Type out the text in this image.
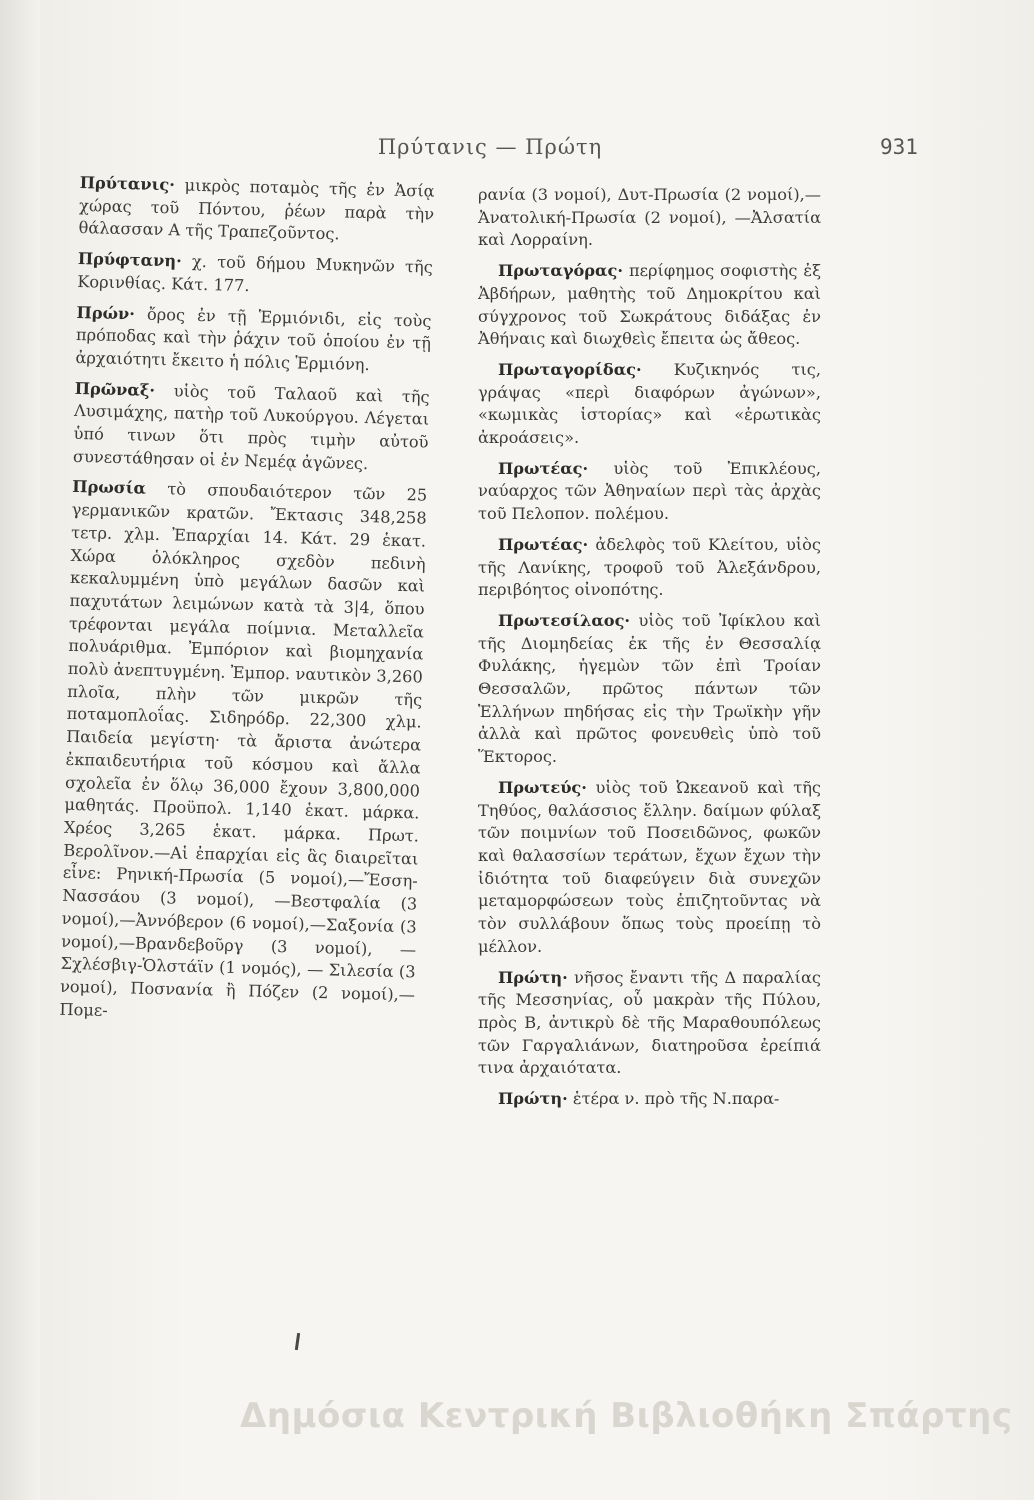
Πρύτανις — Πρώτη	931

Πρύτανις· μικρὸς ποταμὸς τῆς ἐν Ἀσίᾳ χώρας τοῦ Πόντου, ῥέων παρὰ τὴν θάλασσαν Α τῆς Τραπεζοῦντος.

Πρύφτανη· χ. τοῦ δήμου Μυκηνῶν τῆς Κορινθίας. Κάτ. 177.

Πρών· ὄρος ἐν τῇ Ἑρμιόνιδι, εἰς τοὺς πρόποδας καὶ τὴν ῥάχιν τοῦ ὁποίου ἐν τῇ ἀρχαιότητι ἔκειτο ἡ πόλις Ἑρμιόνη.

Πρῶναξ· υἱὸς τοῦ Ταλαοῦ καὶ τῆς Λυσιμάχης, πατὴρ τοῦ Λυκούργου. Λέγεται ὑπό τινων ὅτι πρὸς τιμὴν αὐτοῦ συνεστάθησαν οἱ ἐν Νεμέᾳ ἀγῶνες.

Πρωσία τὸ σπουδαιότερον τῶν 25 γερμανικῶν κρατῶν. Ἔκτασις 348,258 τετρ. χλμ. Ἐπαρχίαι 14. Κάτ. 29 ἑκατ. Χώρα ὁλόκληρος σχεδὸν πεδινὴ κεκαλυμμένη ὑπὸ μεγάλων δασῶν καὶ παχυτάτων λειμώνων κατὰ τὰ 3|4, ὅπου τρέφονται μεγάλα ποίμνια. Μεταλλεῖα πολυάριθμα. Ἐμπόριον καὶ βιομηχανία πολὺ ἀνεπτυγμένη. Ἐμπορ. ναυτικὸν 3,260 πλοῖα, πλὴν τῶν μικρῶν τῆς ποταμοπλοΐας. Σιδηρόδρ. 22,300 χλμ. Παιδεία μεγίστη· τὰ ἄριστα ἀνώτερα ἐκπαιδευτήρια τοῦ κόσμου καὶ ἄλλα σχολεῖα ἐν ὅλῳ 36,000 ἔχουν 3,800,000 μαθητάς. Προϋπολ. 1,140 ἑκατ. μάρκα. Χρέος 3,265 ἑκατ. μάρκα. Πρωτ. Βερολῖνον.—Αἱ ἐπαρχίαι εἰς ἃς διαιρεῖται εἶνε: Ρηνική-Πρωσία (5 νομοί),—Ἔσση-Νασσάου (3 νομοί), —Βεστφαλία (3 νομοί),—Ἀννόβερον (6 νομοί),—Σαξονία (3 νομοί),—Βρανδεβοῦργ (3 νομοί), — Σχλέσβιγ-Ὁλστάϊν (1 νομός), — Σιλεσία (3 νομοί), Ποσνανία ἢ Πόζεν (2 νομοί),—Πομε-

ρανία (3 νομοί), Δυτ-Πρωσία (2 νομοί),—Ἀνατολική-Πρωσία (2 νομοί), —Ἀλσατία καὶ Λορραίνη.

Πρωταγόρας· περίφημος σοφιστὴς ἐξ Ἀβδήρων, μαθητὴς τοῦ Δημοκρίτου καὶ σύγχρονος τοῦ Σωκράτους διδάξας ἐν Ἀθήναις καὶ διωχθεὶς ἔπειτα ὡς ἄθεος.

Πρωταγορίδας· Κυζικηνός τις, γράψας «περὶ διαφόρων ἀγώνων», «κωμικὰς ἱστορίας» καὶ «ἐρωτικὰς ἀκροάσεις».

Πρωτέας· υἱὸς τοῦ Ἐπικλέους, ναύαρχος τῶν Ἀθηναίων περὶ τὰς ἀρχὰς τοῦ Πελοπον. πολέμου.

Πρωτέας· ἀδελφὸς τοῦ Κλείτου, υἱὸς τῆς Λανίκης, τροφοῦ τοῦ Ἀλεξάνδρου, περιβόητος οἰνοπότης.

Πρωτεσίλαος· υἱὸς τοῦ Ἰφίκλου καὶ τῆς Διομηδείας ἐκ τῆς ἐν Θεσσαλίᾳ Φυλάκης, ἡγεμὼν τῶν ἐπὶ Τροίαν Θεσσαλῶν, πρῶτος πάντων τῶν Ἑλλήνων πηδήσας εἰς τὴν Τρωϊκὴν γῆν ἀλλὰ καὶ πρῶτος φονευθεὶς ὑπὸ τοῦ Ἕκτορος.

Πρωτεύς· υἱὸς τοῦ Ὠκεανοῦ καὶ τῆς Τηθύος, θαλάσσιος ἔλλην. δαίμων φύλαξ τῶν ποιμνίων τοῦ Ποσειδῶνος, φωκῶν καὶ θαλασσίων τεράτων, ἔχων ἔχων τὴν ἰδιότητα τοῦ διαφεύγειν διὰ συνεχῶν μεταμορφώσεων τοὺς ἐπιζητοῦντας νὰ τὸν συλλάβουν ὅπως τοὺς προείπῃ τὸ μέλλον.

Πρώτη· νῆσος ἔναντι τῆς Δ παραλίας τῆς Μεσσηνίας, οὗ μακρὰν τῆς Πύλου, πρὸς Β, ἀντικρὺ δὲ τῆς Μαραθουπόλεως τῶν Γαργαλιάνων, διατηροῦσα ἐρείπιά τινα ἀρχαιότατα.

Πρώτη· ἑτέρα ν. πρὸ τῆς Ν.παρα-

Δημόσια Κεντρική Βιβλιοθήκη Σπάρτης
